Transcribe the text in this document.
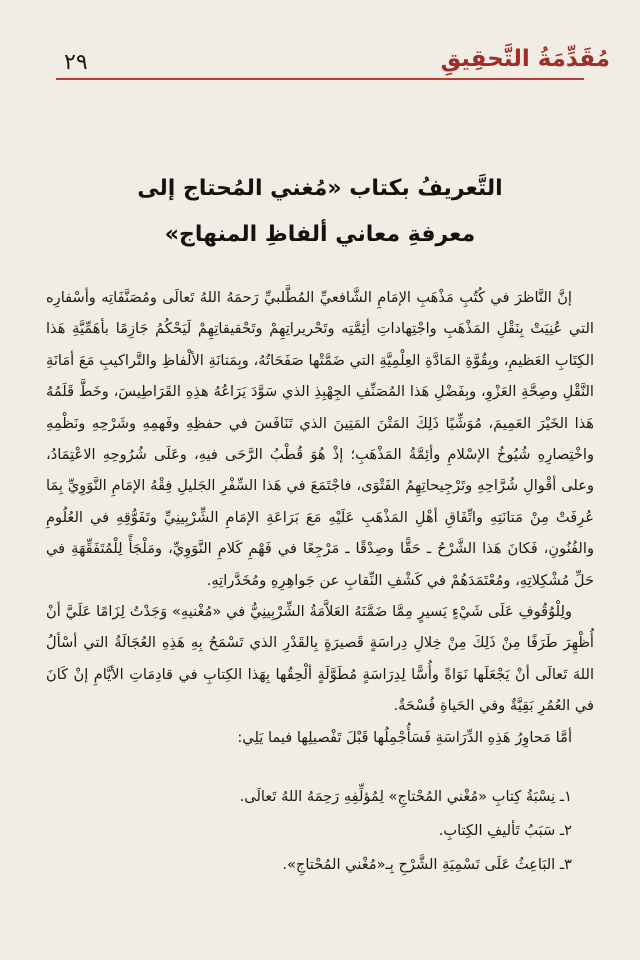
٢٩	مُقَدِّمَةُ التَّحقِيقِ
التَّعريفُ بكتاب «مُغني المُحتاج إلى
معرفةِ معاني ألفاظِ المنهاج»

إنَّ النَّاظرَ في كُتُبِ مَذْهَبِ الإمَامِ الشَّافعيِّ المُطَّلبيِّ رَحمَهُ اللهُ تَعالَى ومُصَنَّفَاتِه وأسْفارِه التي عُنِيَتْ بِنَقْلِ المَذْهَبِ واجْتِهاداتِ أئِمَّتِه وتَحْريراتِهِمْ وتَحْقيقاتِهِمْ لَيَحْكُمُ جَازِمًا بأهَمِّيَّةِ هَذا الكِتَابِ العَظيمِ، وبِقُوَّةِ المَادَّةِ العِلْمِيَّةِ التي ضَمَّتْها صَفَحَاتُهُ، وبِمَتانَةِ الألْفاظِ والتَّراكيبِ مَعَ أمَانَةِ النَّقْلِ وصِحَّةِ العَزْوِ، وبِفَضْلِ هَذا المُصَنِّفِ الجِهْبِذِ الذي سَوَّدَ يَرَاعُهُ هذِهِ القَرَاطِيسَ، وخَطَّ قَلَمُهُ هَذا الخَيْرَ العَمِيمَ، مُوَشِّيًا ذَلِكَ المَتْنَ المَتِينَ الذي تَنَافَسَ في حفظِهِ وفَهمِهِ وشَرْحِهِ ونَظْمِهِ واخْتِصارِهِ شُيُوخُ الإسْلامِ وأئِمَّةُ المَذْهَبِ؛ إذْ هُوَ قُطْبُ الرَّحَى فيهِ، وعَلَى شُرُوحِهِ الاعْتِمَادُ، وعلى أقْوالِ شُرَّاحِهِ وتَرْجِيحاتِهِمُ الفَتْوَى، فاجْتَمَعَ في هَذا السِّفْرِ الجَليلِ فِقْهُ الإمَامِ النَّوَوِيِّ بِمَا عُرِفَتْ مِنْ مَتانَتِهِ واتِّفَاقِ أهْلِ المَذْهَبِ عَلَيْهِ مَعَ بَرَاعَةِ الإمَامِ الشِّرْبِينِيِّ وتَفَوُّقِهِ في العُلُومِ والفُنُونِ، فَكانَ هَذا الشَّرْحُ ـ حَقًّا وصِدْقًا ـ مَرْجِعًا في فَهْمِ كَلامِ النَّوَوِيِّ، ومَلْجَأً لِلْمُتَفَقِّهَةِ في حَلِّ مُشْكِلاتِهِ، ومُعْتَمَدَهُمْ في كَشْفِ النِّقابِ عن جَواهِرِهِ ومُخَدَّراتِهِ.

ولِلْوُقُوفِ عَلَى شَيْءٍ يَسيرٍ مِمَّا ضَمَّنَهُ العَلاَّمَةُ الشِّرْبِينِيُّ في «مُغْنيهِ» وَجَدْتُ لِزَامًا عَلَيَّ أنْ أُظْهِرَ طَرَفًا مِنْ ذَلِكَ مِنْ خِلالِ دِراسَةٍ قَصيرَةٍ بِالقَدْرِ الذي تَسْمَحُ بِهِ هَذِهِ العُجَالَةُ التي أسْألُ اللهَ تَعالَى أنْ يَجْعَلَها نَوَاةً وأُسًّا لِدِرَاسَةٍ مُطَوَّلَةٍ ألْحِقُها بِهَذا الكِتابِ في قادِمَاتِ الأيَّامِ إنْ كَانَ في العُمُرِ بَقِيَّةٌ وفي الحَياةِ فُسْحَةٌ.

أمَّا مَحاوِرُ هَذِهِ الدِّرَاسَةِ فَسَأُجْمِلُها قَبْلَ تَفْصيلِها فيما يَلِي:

١ـ نِسْبَةُ كِتابِ «مُغْني المُحْتاجِ» لِمُؤلِّفِهِ رَحِمَهُ اللهُ تَعالَى.
٢ـ سَبَبُ تَأليفِ الكِتابِ.
٣ـ البَاعِثُ عَلَى تَسْمِيَةِ الشَّرْحِ بِـ«مُغْني المُحْتاجِ».
